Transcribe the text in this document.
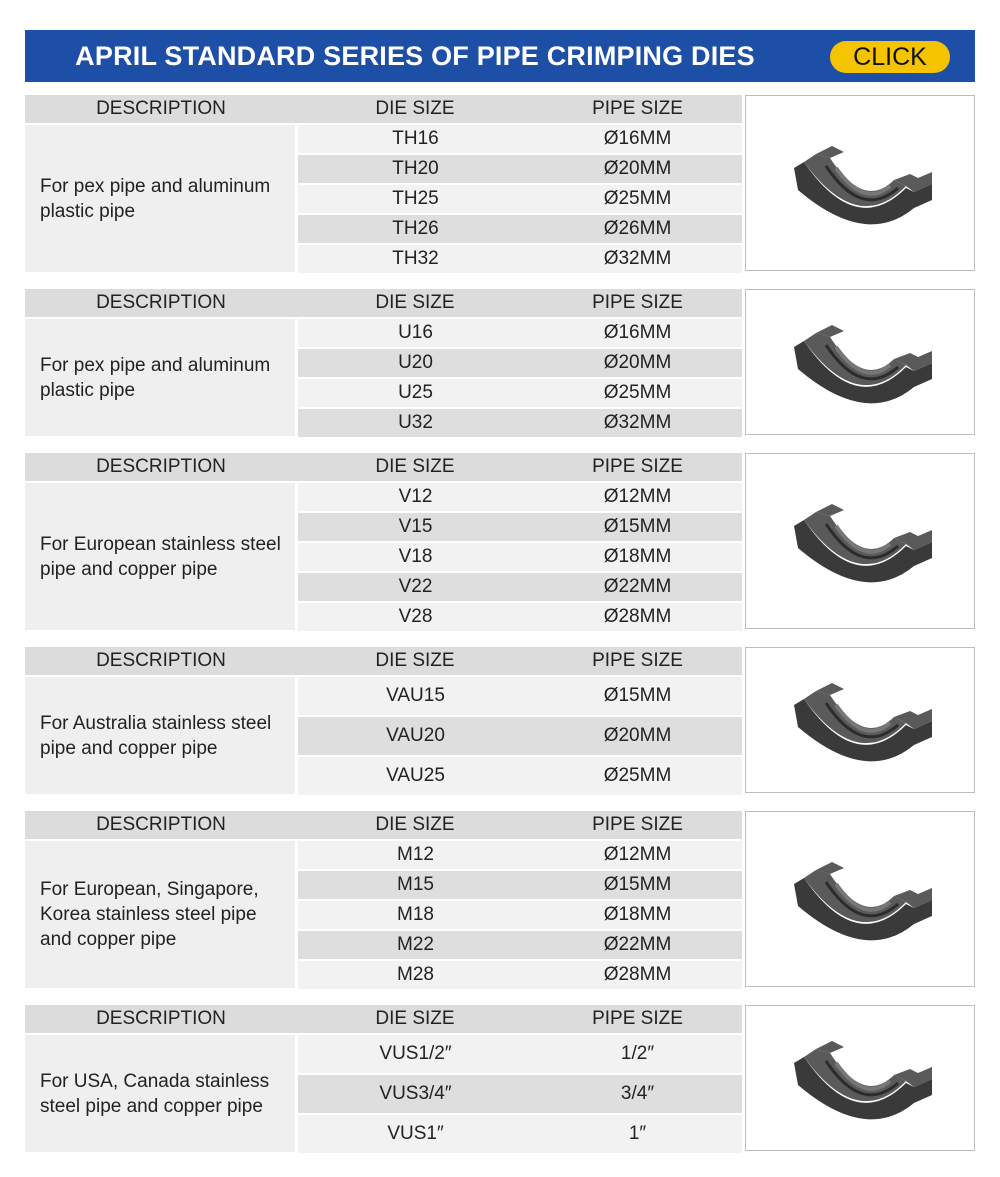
APRIL STANDARD SERIES OF PIPE CRIMPING DIES	CLICK
DESCRIPTION	DIE SIZE	PIPE SIZE
For pex pipe and aluminum plastic pipe
TH16	Ø16MM
TH20	Ø20MM
TH25	Ø25MM
TH26	Ø26MM
TH32	Ø32MM
DESCRIPTION	DIE SIZE	PIPE SIZE
For pex pipe and aluminum plastic pipe
U16	Ø16MM
U20	Ø20MM
U25	Ø25MM
U32	Ø32MM
DESCRIPTION	DIE SIZE	PIPE SIZE
For European stainless steel pipe and copper pipe
V12	Ø12MM
V15	Ø15MM
V18	Ø18MM
V22	Ø22MM
V28	Ø28MM
DESCRIPTION	DIE SIZE	PIPE SIZE
For Australia stainless steel pipe and copper pipe
VAU15	Ø15MM
VAU20	Ø20MM
VAU25	Ø25MM
DESCRIPTION	DIE SIZE	PIPE SIZE
For European, Singapore, Korea stainless steel pipe and copper pipe
M12	Ø12MM
M15	Ø15MM
M18	Ø18MM
M22	Ø22MM
M28	Ø28MM
DESCRIPTION	DIE SIZE	PIPE SIZE
For USA, Canada stainless steel pipe and copper pipe
VUS1/2″	1/2″
VUS3/4″	3/4″
VUS1″	1″
